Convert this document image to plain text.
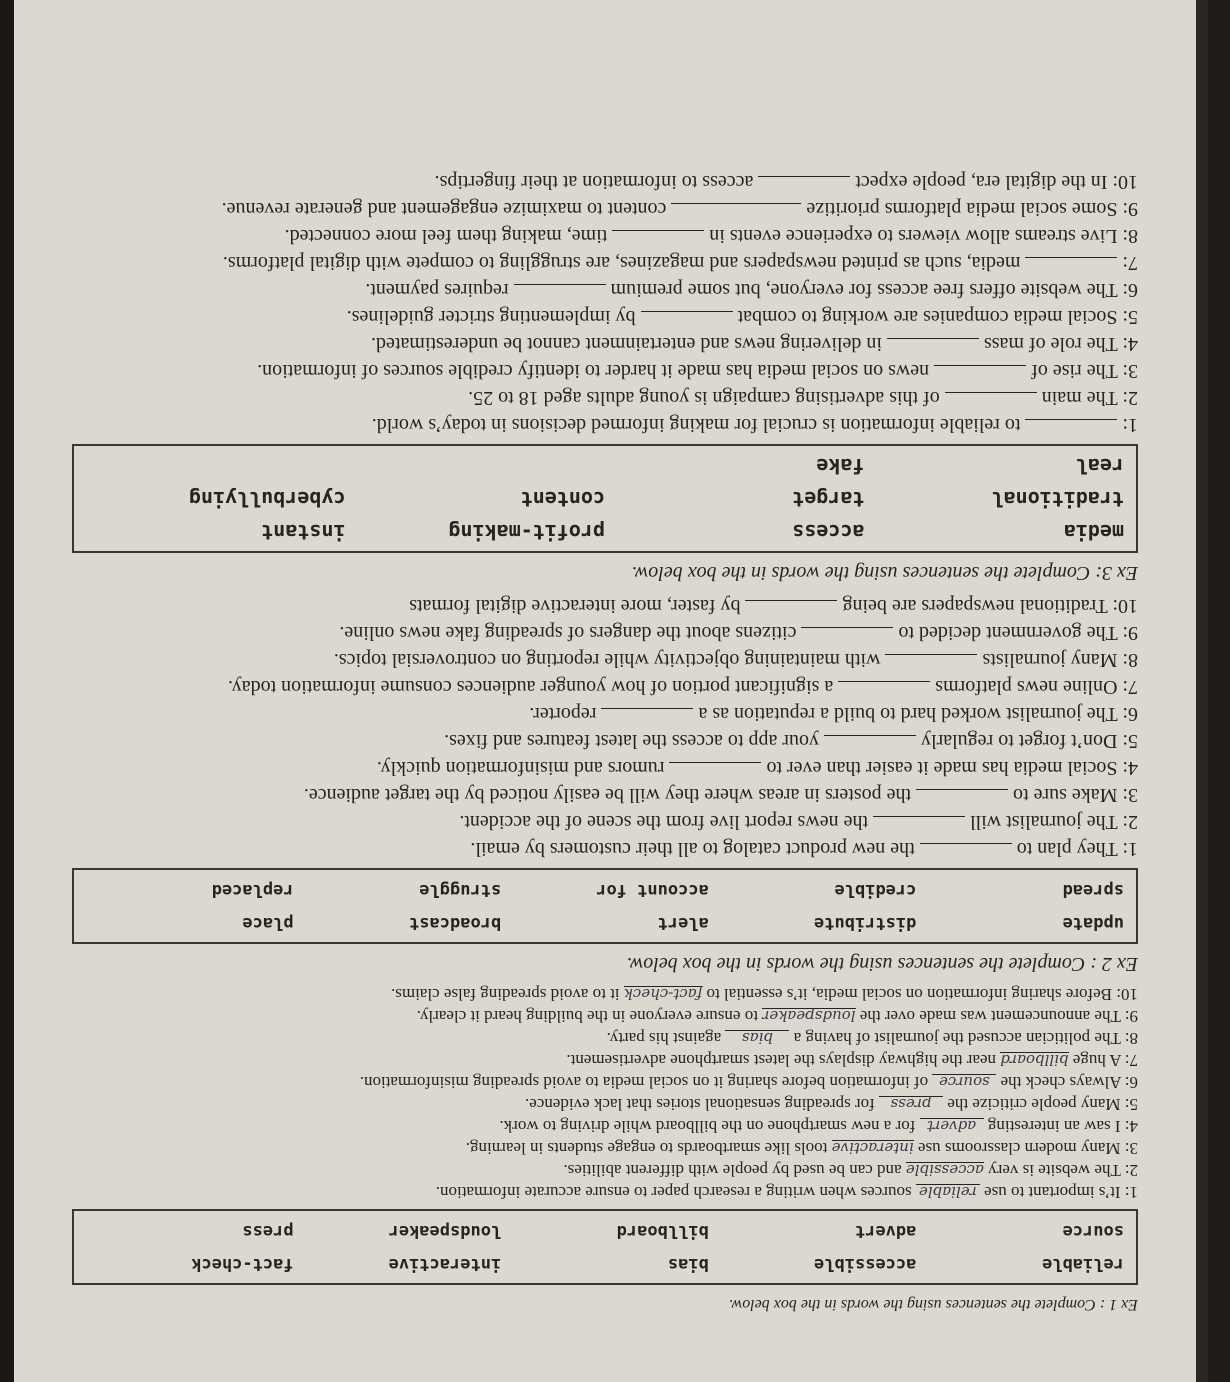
Ex 1 : Complete the sentences using the words in the box below.
reliable
accessible
bias
interactive
fact-check
source
advert
billboard
loudspeaker
press

1: It’s important to use reliable sources when writing a research paper to ensure accurate information.

2: The website is very accessible and can be used by people with different abilities.

3: Many modern classrooms use interactive tools like smartboards to engage students in learning.

4: I saw an interesting advert for a new smartphone on the billboard while driving to work.

5: Many people criticize the press for spreading sensational stories that lack evidence.

6: Always check the source of information before sharing it on social media to avoid spreading misinformation.

7: A huge billboard near the highway displays the latest smartphone advertisement.

8: The politician accused the journalist of having a bias against his party.

9: The announcement was made over the loudspeaker to ensure everyone in the building heard it clearly.

10: Before sharing information on social media, it’s essential to fact-check it to avoid spreading false claims.

Ex 2 : Complete the sentences using the words in the box below.
update
distribute
alert
broadcast
place
spread
credible
account for
struggle
replaced

1: They plan to  the new product catalog to all their customers by email.

2: The journalist will  the news report live from the scene of the accident.

3: Make sure to  the posters in areas where they will be easily noticed by the target audience.

4: Social media has made it easier than ever to  rumors and misinformation quickly.

5: Don’t forget to regularly  your app to access the latest features and fixes.

6: The journalist worked hard to build a reputation as a  reporter.

7: Online news platforms  a significant portion of how younger audiences consume information today.

8: Many journalists  with maintaining objectivity while reporting on controversial topics.

9: The government decided to  citizens about the dangers of spreading fake news online.

10: Traditional newspapers are being  by faster, more interactive digital formats

Ex 3: Complete the sentences using the words in the box below.
media
access
profit-making
instant
traditional
target
content
cyberbullying
real
fake

1:  to reliable information is crucial for making informed decisions in today’s world.

2: The main  of this advertising campaign is young adults aged 18 to 25.

3: The rise of  news on social media has made it harder to identify credible sources of information.

4: The role of mass  in delivering news and entertainment cannot be underestimated.

5: Social media companies are working to combat  by implementing stricter guidelines.

6: The website offers free access for everyone, but some premium  requires payment.

7:  media, such as printed newspapers and magazines, are struggling to compete with digital platforms.

8: Live streams allow viewers to experience events in  time, making them feel more connected.

9: Some social media platforms prioritize  content to maximize engagement and generate revenue.

10: In the digital era, people expect  access to information at their fingertips.
